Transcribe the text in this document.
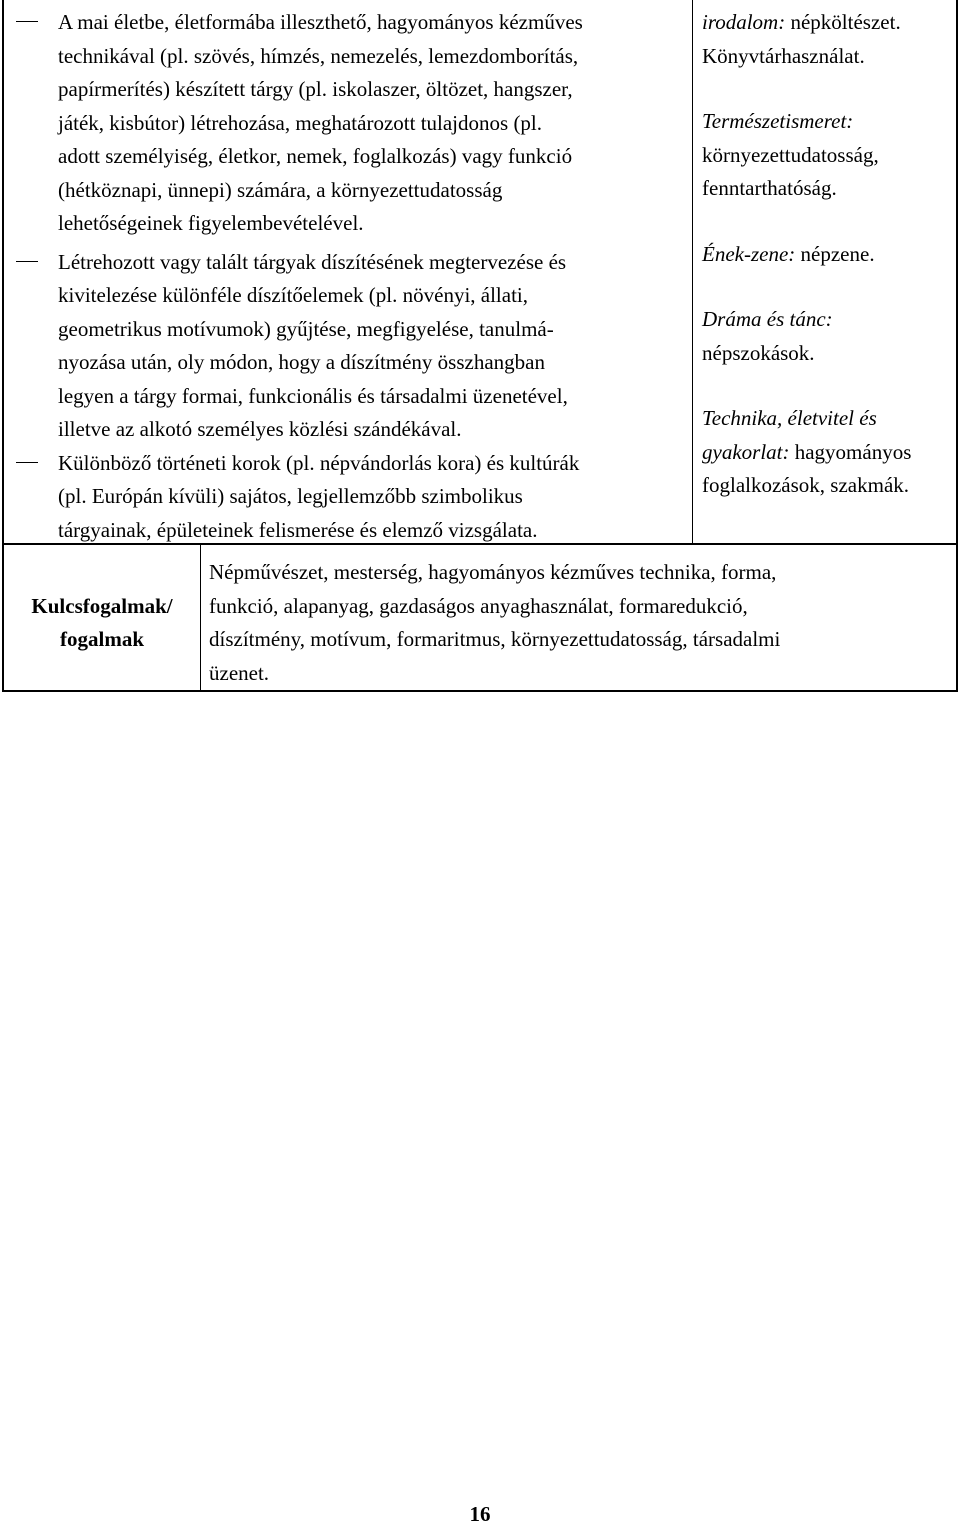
A mai életbe, életformába illeszthető, hagyományos kézműves
technikával (pl. szövés, hímzés, nemezelés, lemezdomborítás,
papírmerítés) készített tárgy (pl. iskolaszer, öltözet, hangszer,
játék, kisbútor) létrehozása, meghatározott tulajdonos (pl.
adott személyiség, életkor, nemek, foglalkozás) vagy funkció
(hétköznapi, ünnepi) számára, a környezettudatosság
lehetőségeinek figyelembevételével.
Létrehozott vagy talált tárgyak díszítésének megtervezése és
kivitelezése különféle díszítőelemek (pl. növényi, állati,
geometrikus motívumok) gyűjtése, megfigyelése, tanulmá-
nyozása után, oly módon, hogy a díszítmény összhangban
legyen a tárgy formai, funkcionális és társadalmi üzenetével,
illetve az alkotó személyes közlési szándékával.
Különböző történeti korok (pl. népvándorlás kora) és kultúrák
(pl. Európán kívüli) sajátos, legjellemzőbb szimbolikus
tárgyainak, épületeinek felismerése és elemző vizsgálata.

irodalom: népköltészet.

Könyvtárhasználat.

Természetismeret:

környezettudatosság, fenntarthatóság.

Ének-zene: népzene.

Dráma és tánc:

népszokások.

Technika, életvitel és gyakorlat: hagyományos foglalkozások, szakmák.

Kulcsfogalmak/
fogalmak
Népművészet, mesterség, hagyományos kézműves technika, forma,
funkció, alapanyag, gazdaságos anyaghasználat, formaredukció,
díszítmény, motívum, formaritmus, környezettudatosság, társadalmi
üzenet.
16
